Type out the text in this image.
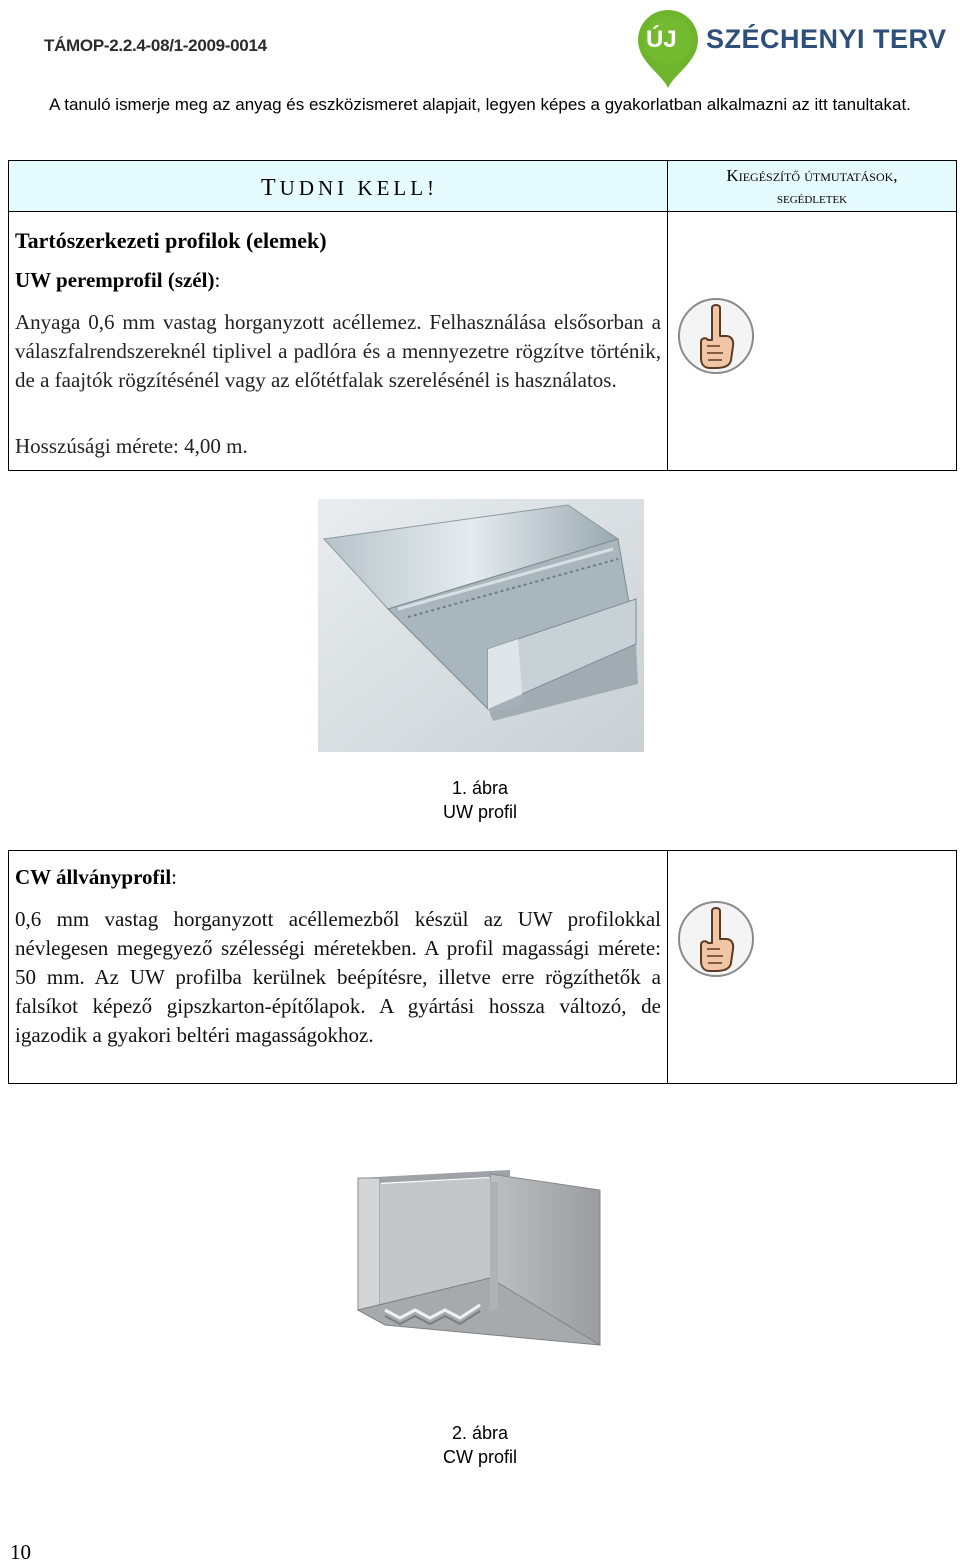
TÁMOP-2.2.4-08/1-2009-0014	ÚJ SZÉCHENYI TERV
A tanuló ismerje meg az anyag és eszközismeret alapjait, legyen képes a gyakorlatban alkalmazni az itt tanultakat.
TUDNI KELL!
Kiegészítő útmutatások,
segédletek
Tartószerkezeti profilok (elemek)
UW peremprofil (szél):
Anyaga 0,6 mm vastag horganyzott acéllemez. Felhasználása elsősorban a válaszfalrendszereknél tiplivel a padlóra és a mennyezetre rögzítve történik, de a faajtók rögzítésénél vagy az előtétfalak szerelésénél is használatos.
Hosszúsági mérete: 4,00 m.
1. ábra
UW profil
CW állványprofil:
0,6 mm vastag horganyzott acéllemezből készül az UW profilokkal névlegesen megegyező szélességi méretekben. A profil magassági mérete: 50 mm. Az UW profilba kerülnek beépítésre, illetve erre rögzíthetők a falsíkot képező gipszkarton-építőlapok. A gyártási hossza változó, de igazodik a gyakori beltéri magasságokhoz.
2. ábra
CW profil
10
